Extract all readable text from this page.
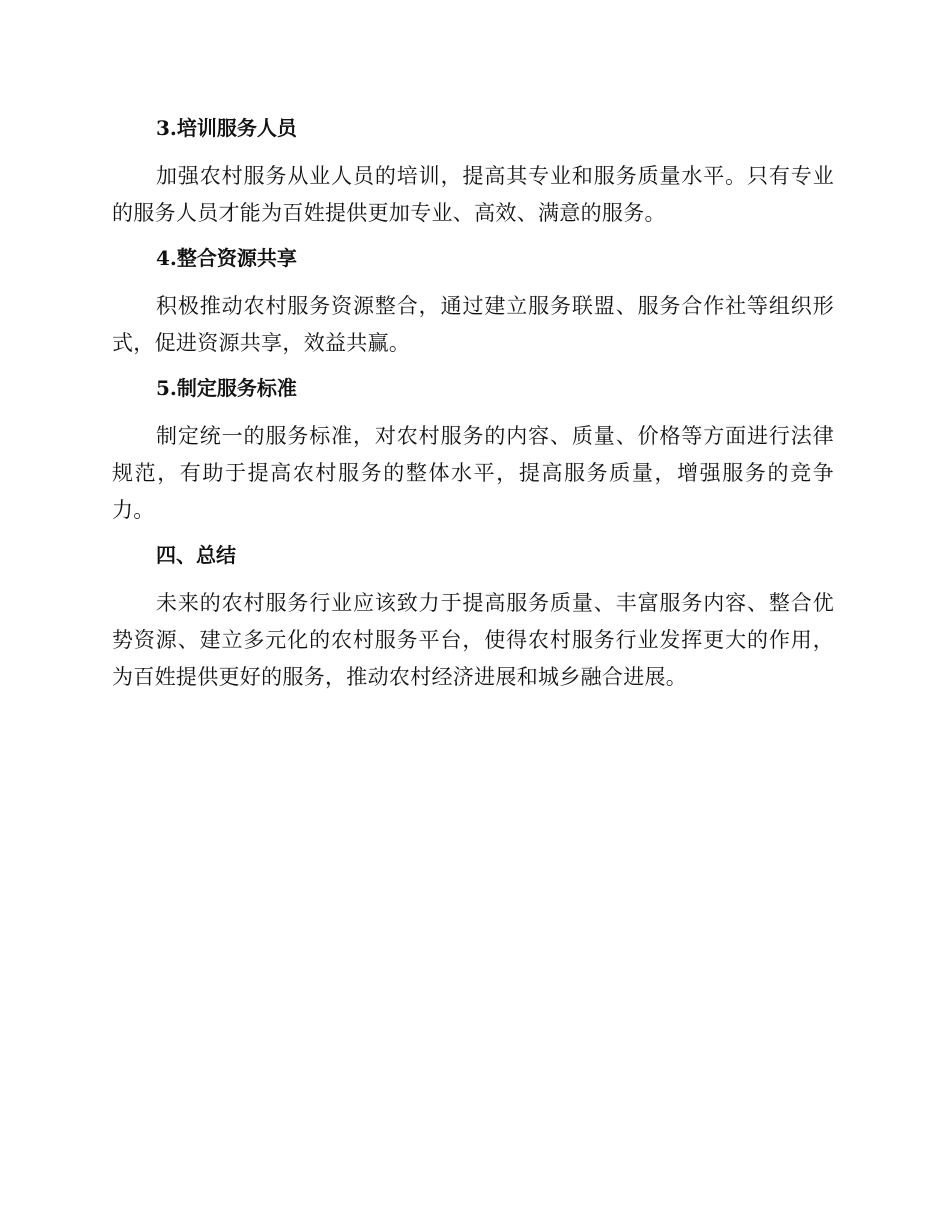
3.培训服务人员

加强农村服务从业人员的培训，提高其专业和服务质量水平。只有专业的服务人员才能为百姓提供更加专业、高效、满意的服务。

4.整合资源共享

积极推动农村服务资源整合，通过建立服务联盟、服务合作社等组织形式，促进资源共享，效益共赢。

5.制定服务标准

制定统一的服务标准，对农村服务的内容、质量、价格等方面进行法律规范，有助于提高农村服务的整体水平，提高服务质量，增强服务的竞争力。

四、总结

未来的农村服务行业应该致力于提高服务质量、丰富服务内容、整合优势资源、建立多元化的农村服务平台，使得农村服务行业发挥更大的作用，为百姓提供更好的服务，推动农村经济进展和城乡融合进展。
